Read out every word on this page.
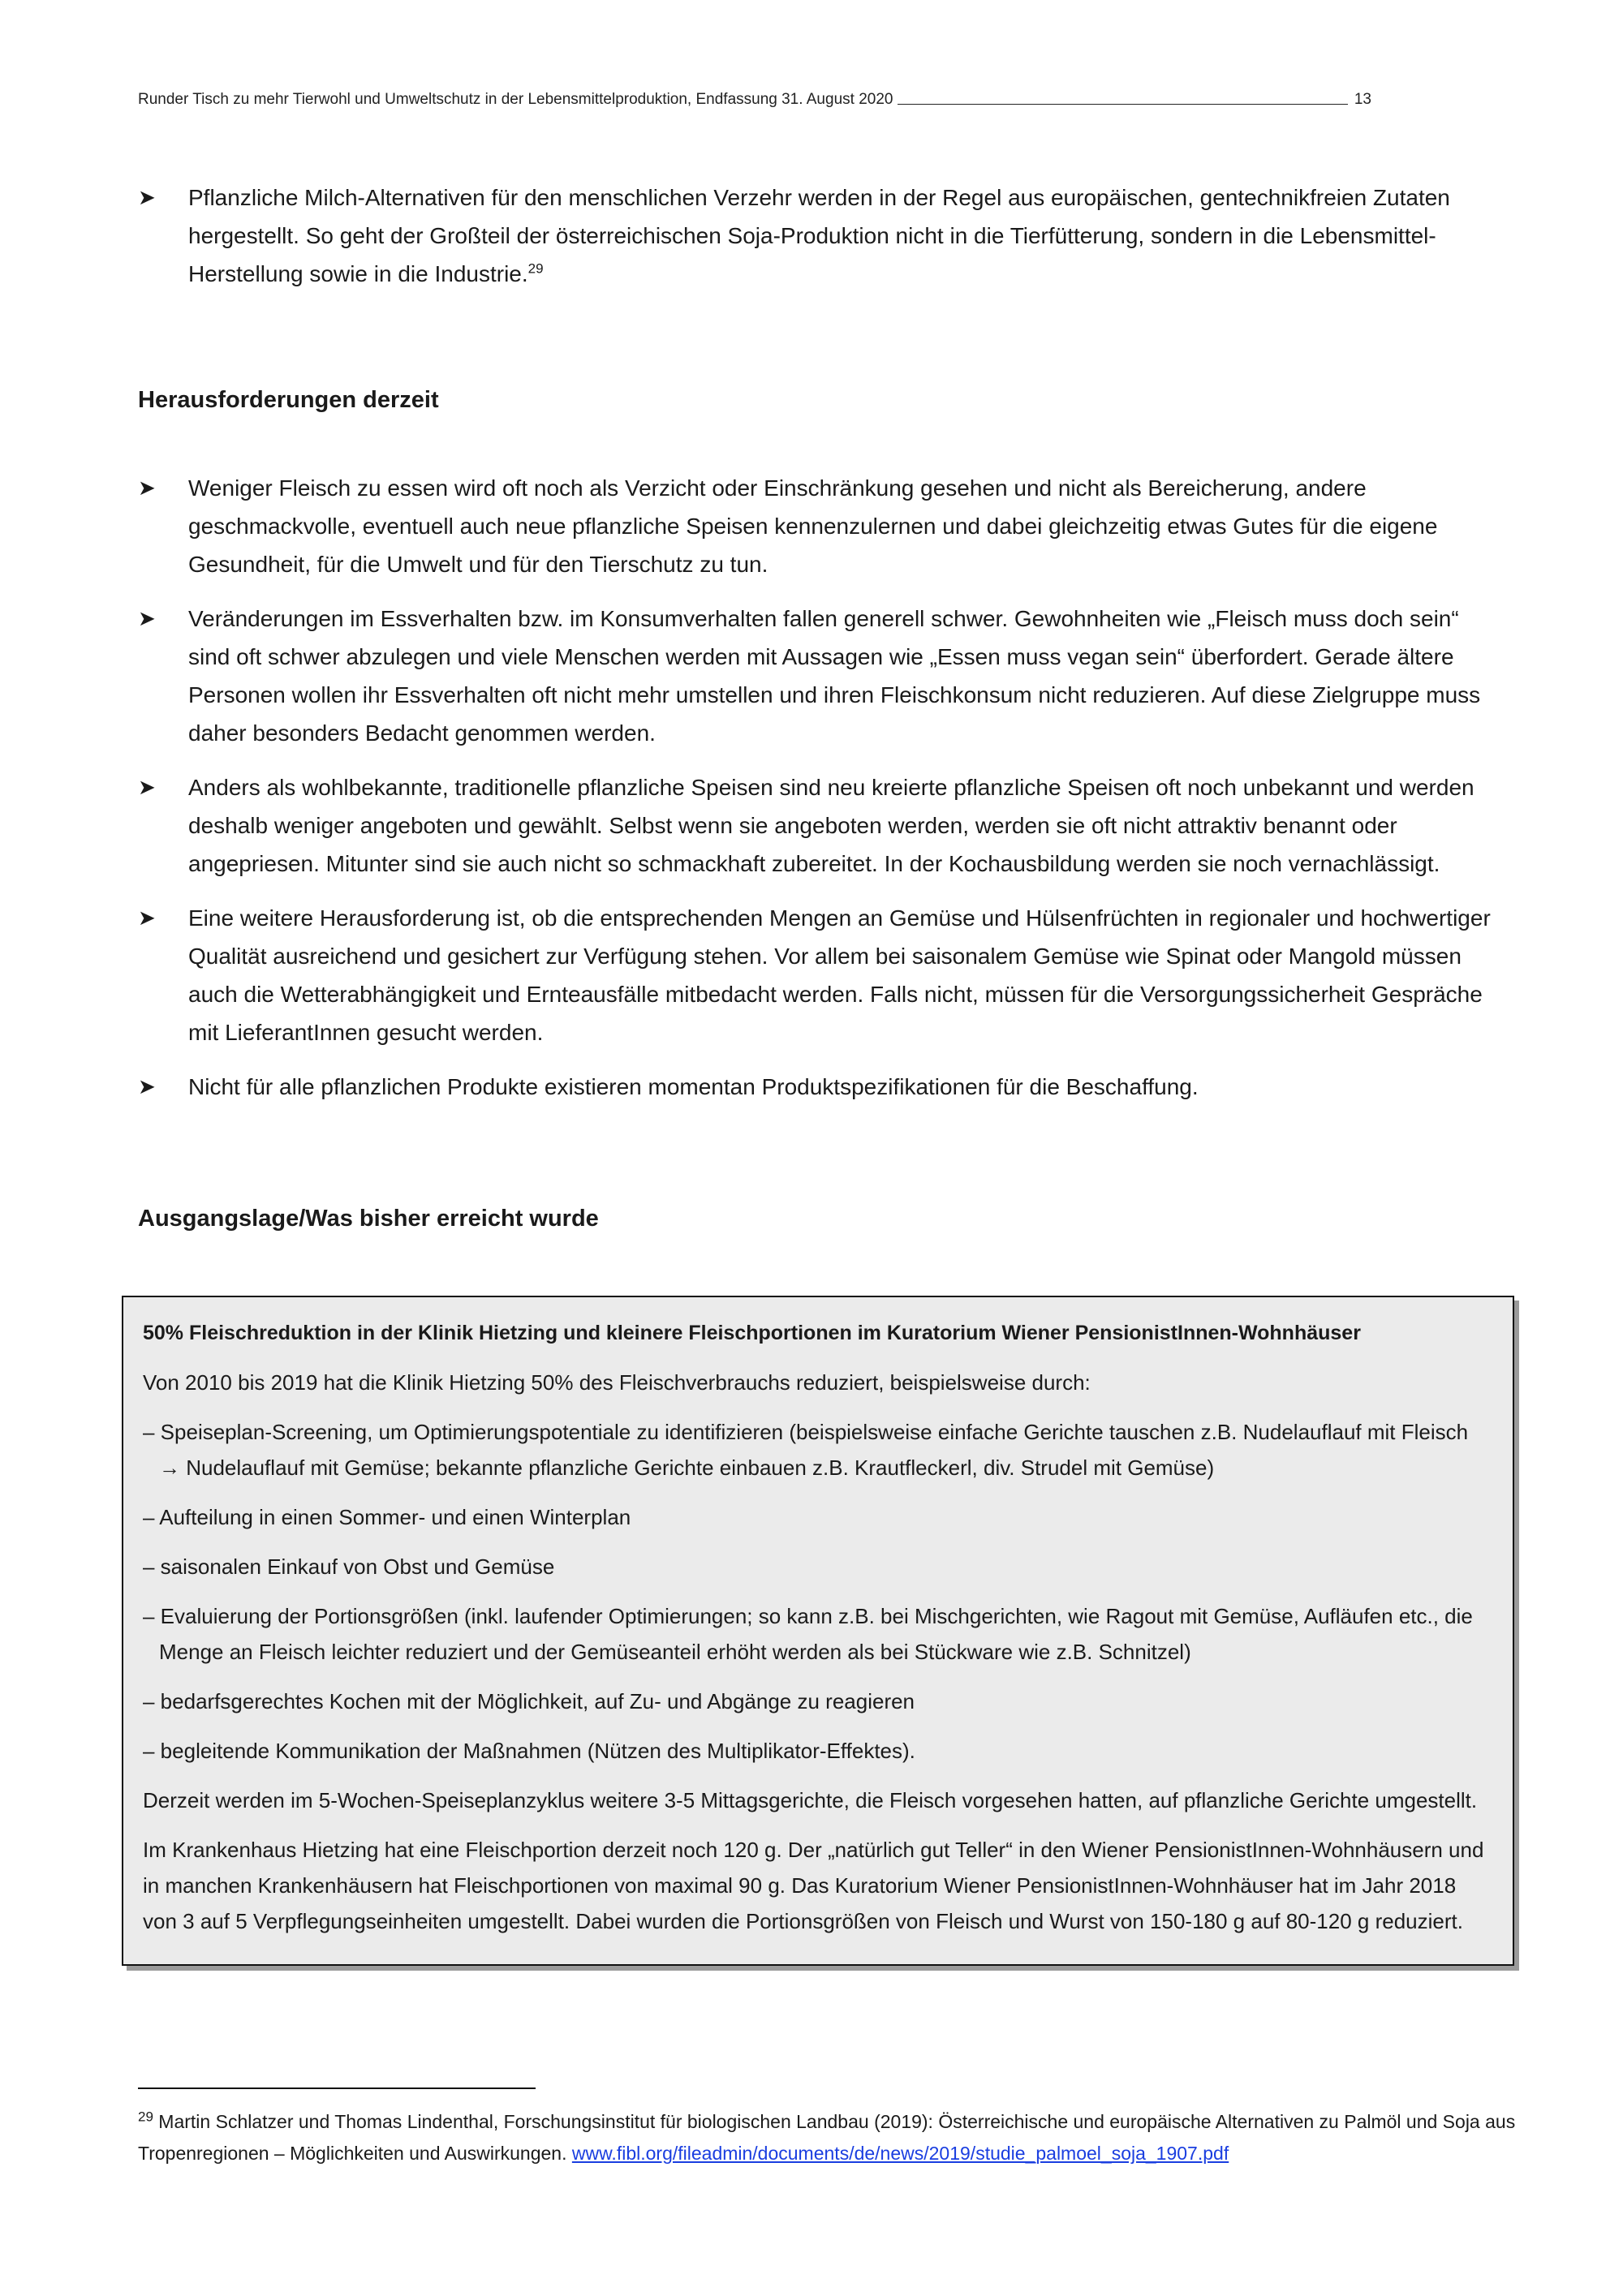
Runder Tisch zu mehr Tierwohl und Umweltschutz in der Lebensmittelproduktion, Endfassung 31. August 2020	13

➤ Pflanzliche Milch-Alternativen für den menschlichen Verzehr werden in der Regel aus europäischen, gentechnikfreien Zutaten hergestellt. So geht der Großteil der österreichischen Soja-Produktion nicht in die Tierfütterung, sondern in die Lebensmittel-Herstellung sowie in die Industrie.$^{29}$

Herausforderungen derzeit

➤ Weniger Fleisch zu essen wird oft noch als Verzicht oder Einschränkung gesehen und nicht als Bereicherung, andere geschmackvolle, eventuell auch neue pflanzliche Speisen kennenzulernen und dabei gleichzeitig etwas Gutes für die eigene Gesundheit, für die Umwelt und für den Tierschutz zu tun.

➤ Veränderungen im Essverhalten bzw. im Konsumverhalten fallen generell schwer. Gewohnheiten wie „Fleisch muss doch sein“ sind oft schwer abzulegen und viele Menschen werden mit Aussagen wie „Essen muss vegan sein“ überfordert. Gerade ältere Personen wollen ihr Essverhalten oft nicht mehr umstellen und ihren Fleischkonsum nicht reduzieren. Auf diese Zielgruppe muss daher besonders Bedacht genommen werden.

➤ Anders als wohlbekannte, traditionelle pflanzliche Speisen sind neu kreierte pflanzliche Speisen oft noch unbekannt und werden deshalb weniger angeboten und gewählt. Selbst wenn sie angeboten werden, werden sie oft nicht attraktiv benannt oder angepriesen. Mitunter sind sie auch nicht so schmackhaft zubereitet. In der Kochausbildung werden sie noch vernachlässigt.

➤ Eine weitere Herausforderung ist, ob die entsprechenden Mengen an Gemüse und Hülsenfrüchten in regionaler und hochwertiger Qualität ausreichend und gesichert zur Verfügung stehen. Vor allem bei saisonalem Gemüse wie Spinat oder Mangold müssen auch die Wetterabhängigkeit und Ernteausfälle mitbedacht werden. Falls nicht, müssen für die Versorgungssicherheit Gespräche mit LieferantInnen gesucht werden.

➤ Nicht für alle pflanzlichen Produkte existieren momentan Produktspezifikationen für die Beschaffung.

Ausgangslage/Was bisher erreicht wurde

50% Fleischreduktion in der Klinik Hietzing und kleinere Fleischportionen im Kuratorium Wiener PensionistInnen-Wohnhäuser

Von 2010 bis 2019 hat die Klinik Hietzing 50% des Fleischverbrauchs reduziert, beispielsweise durch:

– Speiseplan-Screening, um Optimierungspotentiale zu identifizieren (beispielsweise einfache Gerichte tauschen z.B. Nudelauflauf mit Fleisch → Nudelauflauf mit Gemüse; bekannte pflanzliche Gerichte einbauen z.B. Krautfleckerl, div. Strudel mit Gemüse)

– Aufteilung in einen Sommer- und einen Winterplan

– saisonalen Einkauf von Obst und Gemüse

– Evaluierung der Portionsgrößen (inkl. laufender Optimierungen; so kann z.B. bei Mischgerichten, wie Ragout mit Gemüse, Aufläufen etc., die Menge an Fleisch leichter reduziert und der Gemüseanteil erhöht werden als bei Stückware wie z.B. Schnitzel)

– bedarfsgerechtes Kochen mit der Möglichkeit, auf Zu- und Abgänge zu reagieren

– begleitende Kommunikation der Maßnahmen (Nützen des Multiplikator-Effektes).

Derzeit werden im 5-Wochen-Speiseplanzyklus weitere 3-5 Mittagsgerichte, die Fleisch vorgesehen hatten, auf pflanzliche Gerichte umgestellt.

Im Krankenhaus Hietzing hat eine Fleischportion derzeit noch 120 g. Der „natürlich gut Teller“ in den Wiener PensionistInnen-Wohnhäusern und in manchen Krankenhäusern hat Fleischportionen von maximal 90 g. Das Kuratorium Wiener PensionistInnen-Wohnhäuser hat im Jahr 2018 von 3 auf 5 Verpflegungseinheiten umgestellt. Dabei wurden die Portionsgrößen von Fleisch und Wurst von 150-180 g auf 80-120 g reduziert.

$^{29}$ Martin Schlatzer und Thomas Lindenthal, Forschungsinstitut für biologischen Landbau (2019): Österreichische und europäische Alternativen zu Palmöl und Soja aus Tropenregionen – Möglichkeiten und Auswirkungen. www.fibl.org/fileadmin/documents/de/news/2019/studie_palmoel_soja_1907.pdf
